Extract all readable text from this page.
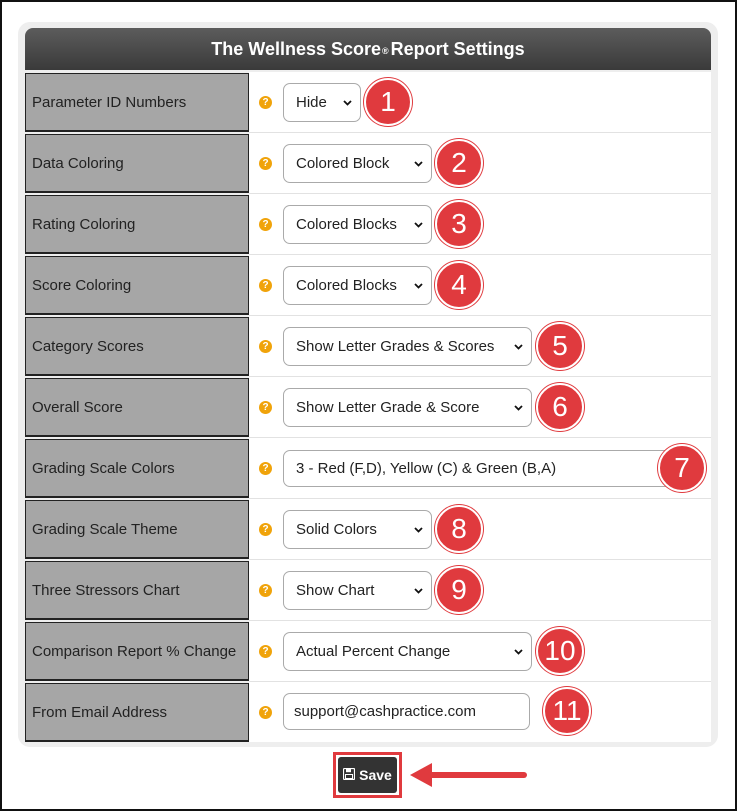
The Wellness Score® Report Settings
Parameter ID Numbers	? Hide	1
Data Coloring	? Colored Block	2
Rating Coloring	? Colored Blocks	3
Score Coloring	? Colored Blocks	4
Category Scores	? Show Letter Grades & Scores	5
Overall Score	? Show Letter Grade & Score	6
Grading Scale Colors	? 3 - Red (F,D), Yellow (C) & Green (B,A)	7
Grading Scale Theme	? Solid Colors	8
Three Stressors Chart	? Show Chart	9
Comparison Report % Change	? Actual Percent Change	10
From Email Address	? support@cashpractice.com	11
Save
